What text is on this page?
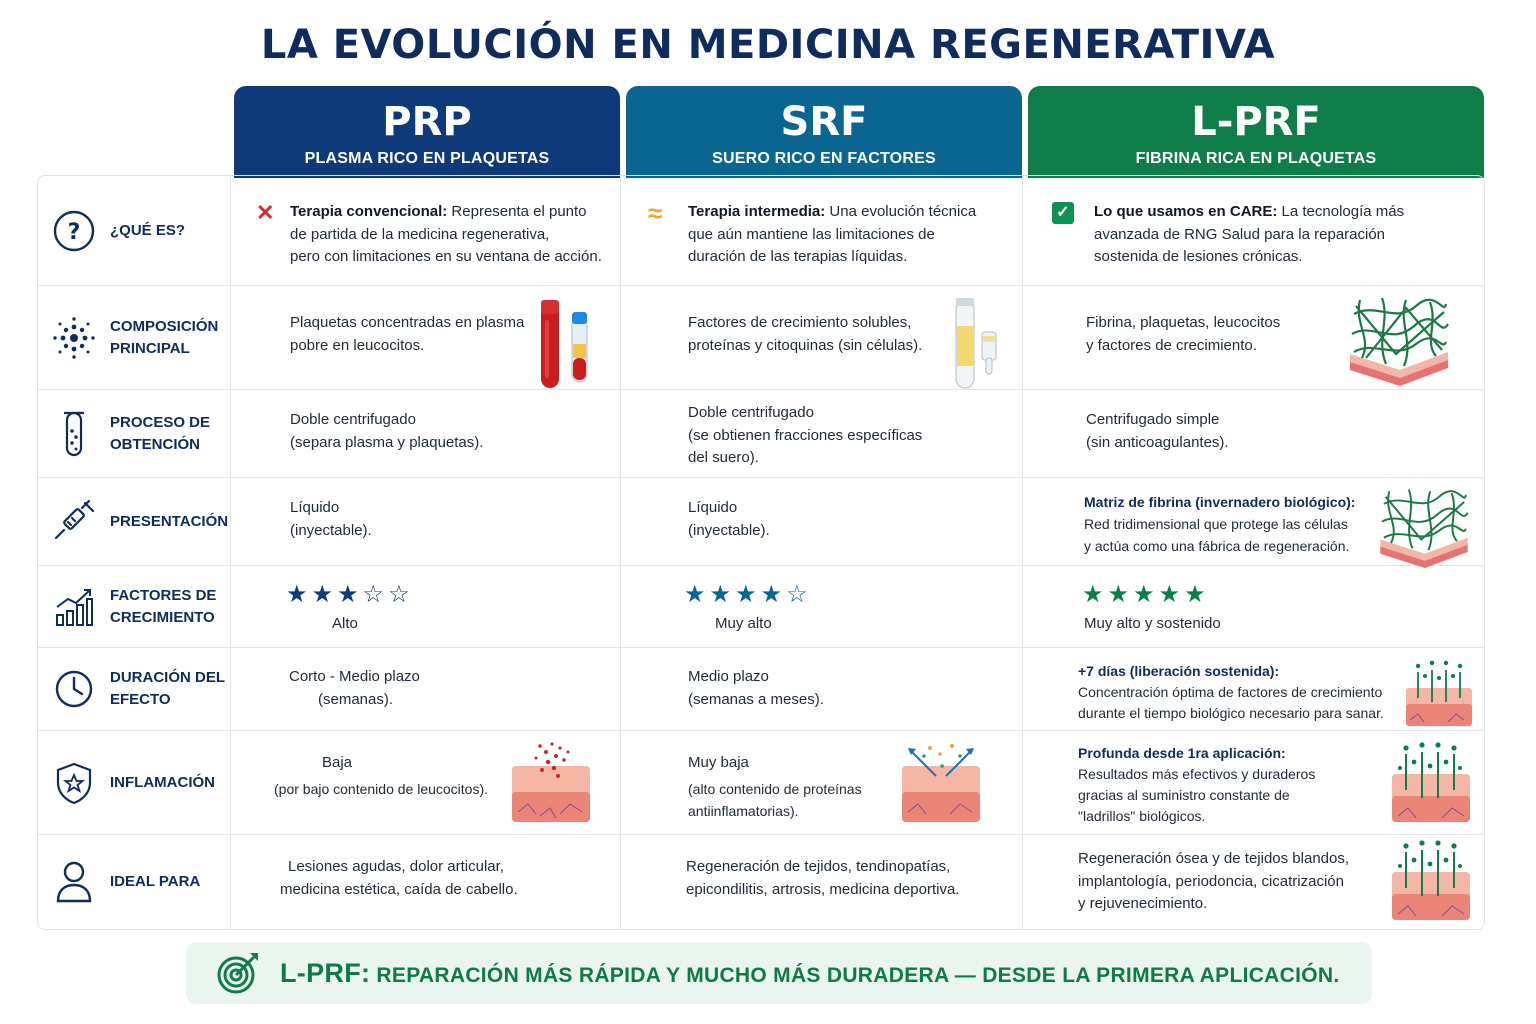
LA EVOLUCIÓN EN MEDICINA REGENERATIVA
PRP
PLASMA RICO EN PLAQUETAS
SRF
SUERO RICO EN FACTORES
L-PRF
FIBRINA RICA EN PLAQUETAS
? ¿QUÉ ES?
✕ Terapia convencional: Representa el punto
de partida de la medicina regenerativa,
pero con limitaciones en su ventana de acción.
≈ Terapia intermedia: Una evolución técnica
que aún mantiene las limitaciones de
duración de las terapias líquidas.
✓ Lo que usamos en CARE: La tecnología más
avanzada de RNG Salud para la reparación
sostenida de lesiones crónicas.
COMPOSICIÓN
PRINCIPAL
Plaquetas concentradas en plasma
pobre en leucocitos.
Factores de crecimiento solubles,
proteínas y citoquinas (sin células).
Fibrina, plaquetas, leucocitos
y factores de crecimiento.
PROCESO DE
OBTENCIÓN
Doble centrifugado
(separa plasma y plaquetas).
Doble centrifugado
(se obtienen fracciones específicas
del suero).
Centrifugado simple
(sin anticoagulantes).
PRESENTACIÓN
Líquido
(inyectable).
Líquido
(inyectable).
Matriz de fibrina (invernadero biológico):
Red tridimensional que protege las células
y actúa como una fábrica de regeneración.
FACTORES DE
CRECIMIENTO
★★★☆☆
Alto
★★★★☆
Muy alto
★★★★★
Muy alto y sostenido
DURACIÓN DEL
EFECTO
Corto - Medio plazo
(semanas).
Medio plazo
(semanas a meses).
+7 días (liberación sostenida):
Concentración óptima de factores de crecimiento
durante el tiempo biológico necesario para sanar.
INFLAMACIÓN
Baja
(por bajo contenido de leucocitos).
Muy baja
(alto contenido de proteínas
antiinflamatorias).
Profunda desde 1ra aplicación:
Resultados más efectivos y duraderos
gracias al suministro constante de
"ladrillos" biológicos.
IDEAL PARA
Lesiones agudas, dolor articular,
medicina estética, caída de cabello.
Regeneración de tejidos, tendinopatías,
epicondilitis, artrosis, medicina deportiva.
Regeneración ósea y de tejidos blandos,
implantología, periodoncia, cicatrización
y rejuvenecimiento.
L-PRF: REPARACIÓN MÁS RÁPIDA Y MUCHO MÁS DURADERA — DESDE LA PRIMERA APLICACIÓN.
